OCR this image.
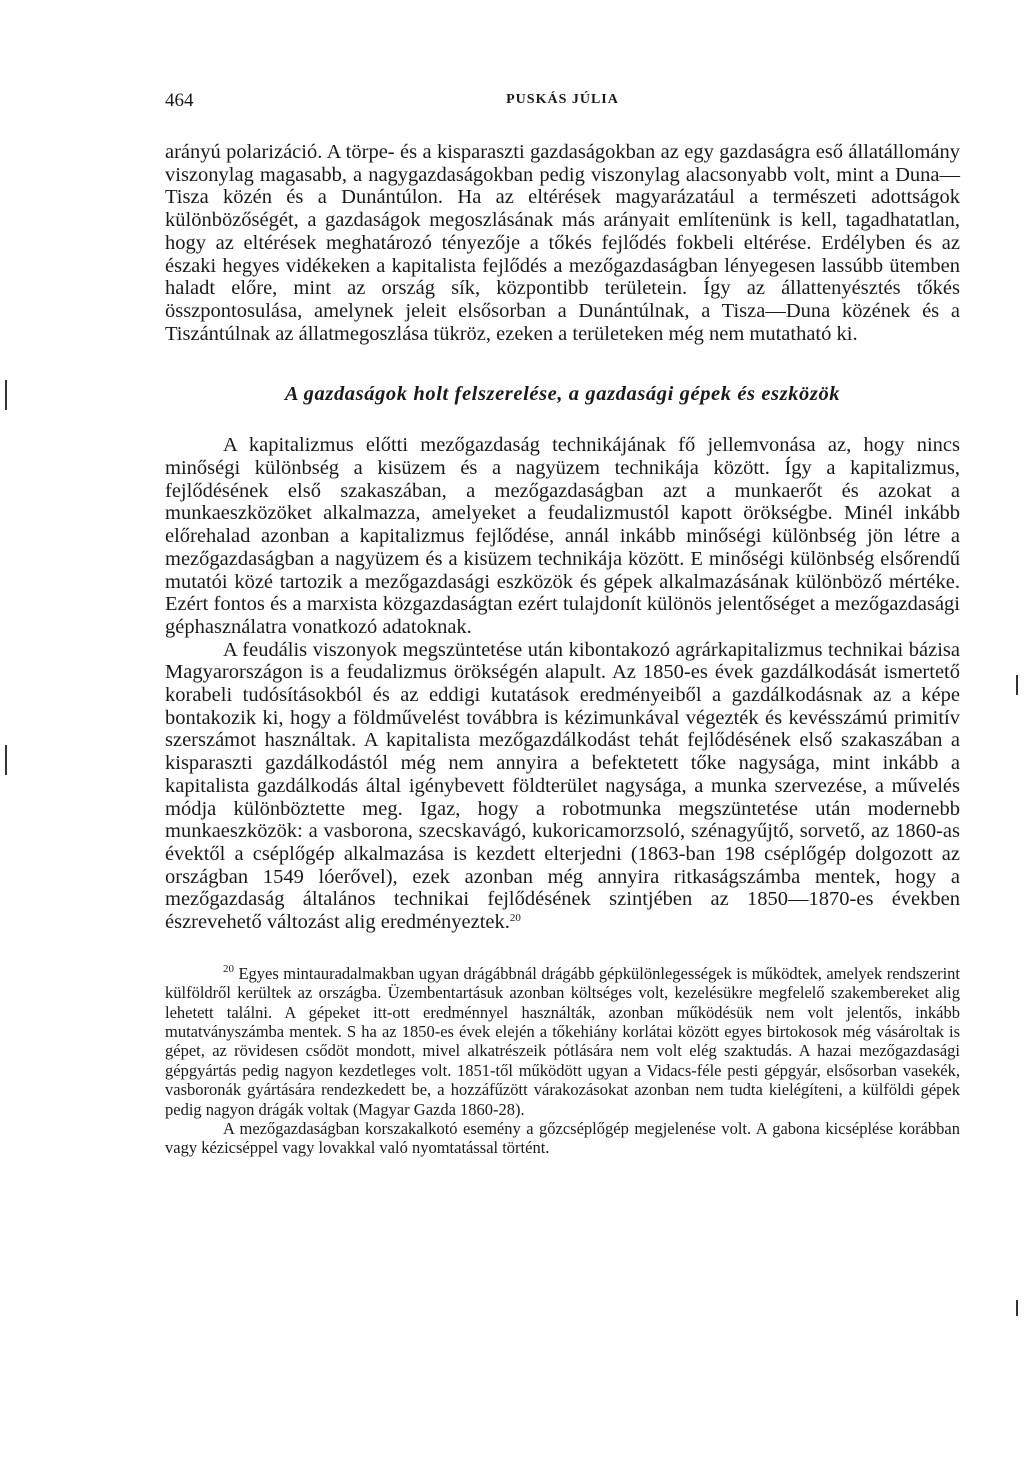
464	PUSKÁS JÚLIA

arányú polarizáció. A törpe- és a kisparaszti gazdaságokban az egy gazdaságra eső állatállomány viszonylag magasabb, a nagygazdaságokban pedig viszonylag alacsonyabb volt, mint a Duna—Tisza közén és a Dunántúlon. Ha az eltérések magyarázatául a természeti adottságok különbözőségét, a gazdaságok megoszlásának más arányait említenünk is kell, tagadhatatlan, hogy az eltérések meghatározó tényezője a tőkés fejlődés fokbeli eltérése. Erdélyben és az északi hegyes vidékeken a kapitalista fejlődés a mezőgazdaságban lényegesen lassúbb ütemben haladt előre, mint az ország sík, központibb területein. Így az állattenyésztés tőkés összpontosulása, amelynek jeleit elsősorban a Dunántúlnak, a Tisza—Duna közének és a Tiszántúlnak az állatmegoszlása tükröz, ezeken a területeken még nem mutatható ki.

A gazdaságok holt felszerelése, a gazdasági gépek és eszközök

A kapitalizmus előtti mezőgazdaság technikájának fő jellemvonása az, hogy nincs minőségi különbség a kisüzem és a nagyüzem technikája között. Így a kapitalizmus, fejlődésének első szakaszában, a mezőgazdaságban azt a munkaerőt és azokat a munkaeszközöket alkalmazza, amelyeket a feudalizmustól kapott örökségbe. Minél inkább előrehalad azonban a kapitalizmus fejlődése, annál inkább minőségi különbség jön létre a mezőgazdaságban a nagyüzem és a kisüzem technikája között. E minőségi különbség elsőrendű mutatói közé tartozik a mezőgazdasági eszközök és gépek alkalmazásának különböző mértéke. Ezért fontos és a marxista közgazdaságtan ezért tulajdonít különös jelentőséget a mezőgazdasági géphasználatra vonatkozó adatoknak.

A feudális viszonyok megszüntetése után kibontakozó agrárkapitalizmus technikai bázisa Magyarországon is a feudalizmus örökségén alapult. Az 1850-es évek gazdálkodását ismertető korabeli tudósításokból és az eddigi kutatások eredményeiből a gazdálkodásnak az a képe bontakozik ki, hogy a földművelést továbbra is kézimunkával végezték és kevésszámú primitív szerszámot használtak. A kapitalista mezőgazdálkodást tehát fejlődésének első szakaszában a kisparaszti gazdálkodástól még nem annyira a befektetett tőke nagysága, mint inkább a kapitalista gazdálkodás által igénybevett földterület nagysága, a munka szervezése, a művelés módja különböztette meg. Igaz, hogy a robotmunka megszüntetése után modernebb munkaeszközök: a vasborona, szecskavágó, kukoricamorzsoló, szénagyűjtő, sorvető, az 1860-as évektől a cséplőgép alkalmazása is kezdett elterjedni (1863-ban 198 cséplőgép dolgozott az országban 1549 lóerővel), ezek azonban még annyira ritkaságszámba mentek, hogy a mezőgazdaság általános technikai fejlődésének szintjében az 1850—1870-es években észrevehető változást alig eredményeztek.$^{20}$

$^{20}$ Egyes mintauradalmakban ugyan drágábbnál drágább gépkülönlegességek is működtek, amelyek rendszerint külföldről kerültek az országba. Üzembentartásuk azonban költséges volt, kezelésükre megfelelő szakembereket alig lehetett találni. A gépeket itt-ott eredménnyel használták, azonban működésük nem volt jelentős, inkább mutatványszámba mentek. S ha az 1850-es évek elején a tőkehiány korlátai között egyes birtokosok még vásároltak is gépet, az rövidesen csődöt mondott, mivel alkatrészeik pótlására nem volt elég szaktudás. A hazai mezőgazdasági gépgyártás pedig nagyon kezdetleges volt. 1851-től működött ugyan a Vidacs-féle pesti gépgyár, elsősorban vasekék, vasboronák gyártására rendezkedett be, a hozzáfűzött várakozásokat azonban nem tudta kielégíteni, a külföldi gépek pedig nagyon drágák voltak (Magyar Gazda 1860-28).

A mezőgazdaságban korszakalkotó esemény a gőzcséplőgép megjelenése volt. A gabona kicséplése korábban vagy kézicséppel vagy lovakkal való nyomtatással történt.
